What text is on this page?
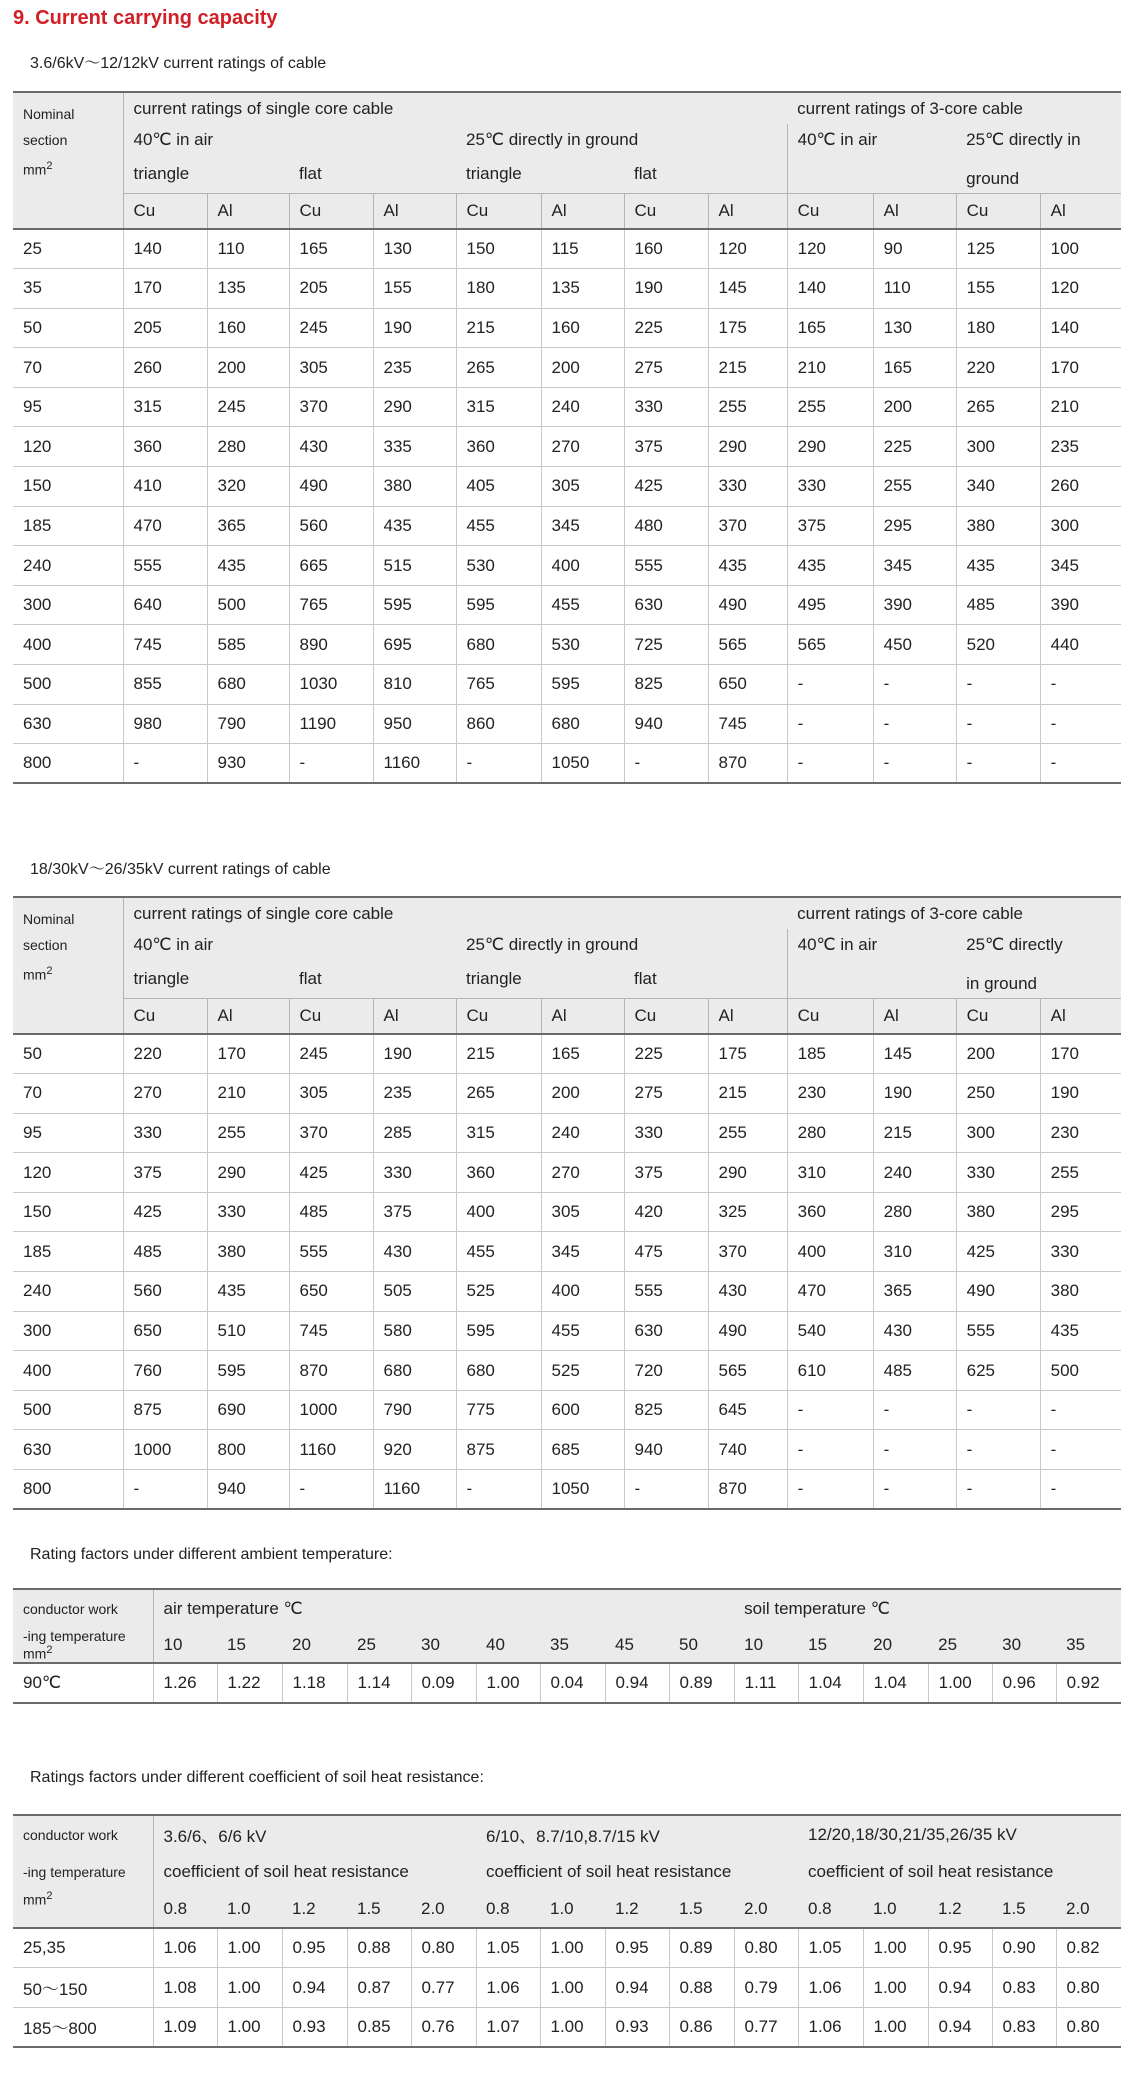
9. Current carrying capacity
3.6/6kV～12/12kV current ratings of cable
Nominal
section
$mm^2$	current ratings of single core cable								current ratings of 3-core cable			
	40℃ in air				25℃ directly in ground				40℃ in air		25℃ directly in	
	triangle		flat		triangle		flat				ground	
	Cu	Al	Cu	Al	Cu	Al	Cu	Al	Cu	Al	Cu	Al
25	140	110	165	130	150	115	160	120	120	90	125	100
35	170	135	205	155	180	135	190	145	140	110	155	120
50	205	160	245	190	215	160	225	175	165	130	180	140
70	260	200	305	235	265	200	275	215	210	165	220	170
95	315	245	370	290	315	240	330	255	255	200	265	210
120	360	280	430	335	360	270	375	290	290	225	300	235
150	410	320	490	380	405	305	425	330	330	255	340	260
185	470	365	560	435	455	345	480	370	375	295	380	300
240	555	435	665	515	530	400	555	435	435	345	435	345
300	640	500	765	595	595	455	630	490	495	390	485	390
400	745	585	890	695	680	530	725	565	565	450	520	440
500	855	680	1030	810	765	595	825	650	-	-	-	-
630	980	790	1190	950	860	680	940	745	-	-	-	-
800	-	930	-	1160	-	1050	-	870	-	-	-	-
18/30kV～26/35kV current ratings of cable
Nominal
section
$mm^2$	current ratings of single core cable								current ratings of 3-core cable			
	40℃ in air				25℃ directly in ground				40℃ in air		25℃ directly	
	triangle		flat		triangle		flat				in ground	
	Cu	Al	Cu	Al	Cu	Al	Cu	Al	Cu	Al	Cu	Al
50	220	170	245	190	215	165	225	175	185	145	200	170
70	270	210	305	235	265	200	275	215	230	190	250	190
95	330	255	370	285	315	240	330	255	280	215	300	230
120	375	290	425	330	360	270	375	290	310	240	330	255
150	425	330	485	375	400	305	420	325	360	280	380	295
185	485	380	555	430	455	345	475	370	400	310	425	330
240	560	435	650	505	525	400	555	430	470	365	490	380
300	650	510	745	580	595	455	630	490	540	430	555	435
400	760	595	870	680	680	525	720	565	610	485	625	500
500	875	690	1000	790	775	600	825	645	-	-	-	-
630	1000	800	1160	920	875	685	940	740	-	-	-	-
800	-	940	-	1160	-	1050	-	870	-	-	-	-
Rating factors under different ambient temperature:
conductor work	air temperature ℃									soil temperature ℃					
-ing temperature
$mm^2$	10	15	20	25	30	40	35	45	50	10	15	20	25	30	35
90℃	1.26	1.22	1.18	1.14	0.09	1.00	0.04	0.94	0.89	1.11	1.04	1.04	1.00	0.96	0.92
Ratings factors under different coefficient of soil heat resistance:
conductor work	3.6/6、6/6 kV					6/10、8.7/10,8.7/15 kV					12/20,18/30,21/35,26/35 kV				
-ing temperature	coefficient of soil heat resistance					coefficient of soil heat resistance					coefficient of soil heat resistance				
$mm^2$	0.8	1.0	1.2	1.5	2.0	0.8	1.0	1.2	1.5	2.0	0.8	1.0	1.2	1.5	2.0
25,35	1.06	1.00	0.95	0.88	0.80	1.05	1.00	0.95	0.89	0.80	1.05	1.00	0.95	0.90	0.82
50～150	1.08	1.00	0.94	0.87	0.77	1.06	1.00	0.94	0.88	0.79	1.06	1.00	0.94	0.83	0.80
185～800	1.09	1.00	0.93	0.85	0.76	1.07	1.00	0.93	0.86	0.77	1.06	1.00	0.94	0.83	0.80
